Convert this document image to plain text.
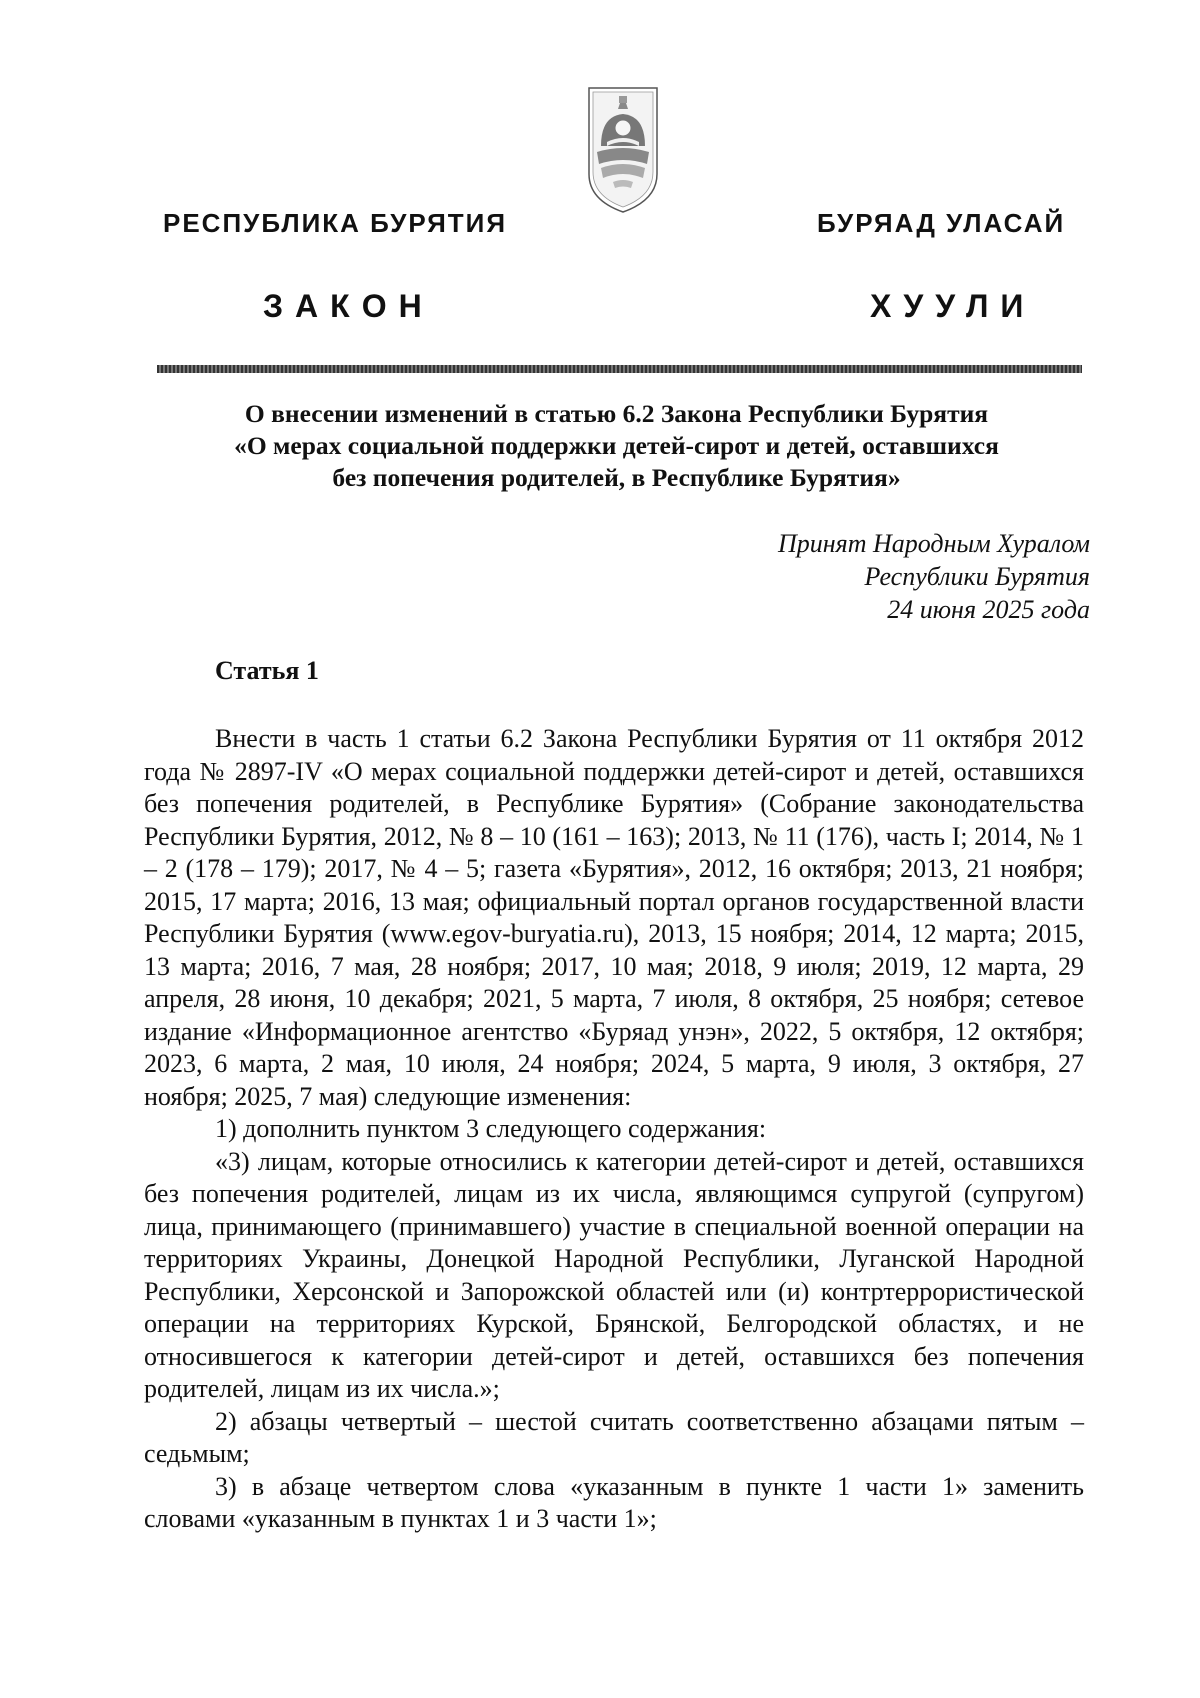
РЕСПУБЛИКА БУРЯТИЯ	БУРЯАД УЛАСАЙ
ЗАКОН	ХУУЛИ
О внесении изменений в статью 6.2 Закона Республики Бурятия
«О мерах социальной поддержки детей-сирот и детей, оставшихся
без попечения родителей, в Республике Бурятия»
Принят Народным Хуралом
Республики Бурятия
24 июня 2025 года
Статья 1

Внести в часть 1 статьи 6.2 Закона Республики Бурятия от 11 октября 2012 года № 2897-IV «О мерах социальной поддержки детей-сирот и детей, оставшихся без попечения родителей, в Республике Бурятия» (Собрание законодательства Республики Бурятия, 2012, № 8 – 10 (161 – 163); 2013, № 11 (176), часть I; 2014, № 1 – 2 (178 – 179); 2017, № 4 – 5; газета «Бурятия», 2012, 16 октября; 2013, 21 ноября; 2015, 17 марта; 2016, 13 мая; официальный портал органов государственной власти Республики Бурятия (www.egov-buryatia.ru), 2013, 15 ноября; 2014, 12 марта; 2015, 13 марта; 2016, 7 мая, 28 ноября; 2017, 10 мая; 2018, 9 июля; 2019, 12 марта, 29 апреля, 28 июня, 10 декабря; 2021, 5 марта, 7 июля, 8 октября, 25 ноября; сетевое издание «Информационное агентство «Буряад унэн», 2022, 5 октября, 12 октября; 2023, 6 марта, 2 мая, 10 июля, 24 ноября; 2024, 5 марта, 9 июля, 3 октября, 27 ноября; 2025, 7 мая) следующие изменения:

1) дополнить пунктом 3 следующего содержания:

«3) лицам, которые относились к категории детей-сирот и детей, оставшихся без попечения родителей, лицам из их числа, являющимся супругой (супругом) лица, принимающего (принимавшего) участие в специальной военной операции на территориях Украины, Донецкой Народной Республики, Луганской Народной Республики, Херсонской и Запорожской областей или (и) контртеррористической операции на территориях Курской, Брянской, Белгородской областях, и не относившегося к категории детей-сирот и детей, оставшихся без попечения родителей, лицам из их числа.»;

2) абзацы четвертый – шестой считать соответственно абзацами пятым – седьмым;

3) в абзаце четвертом слова «указанным в пункте 1 части 1» заменить словами «указанным в пунктах 1 и 3 части 1»;
